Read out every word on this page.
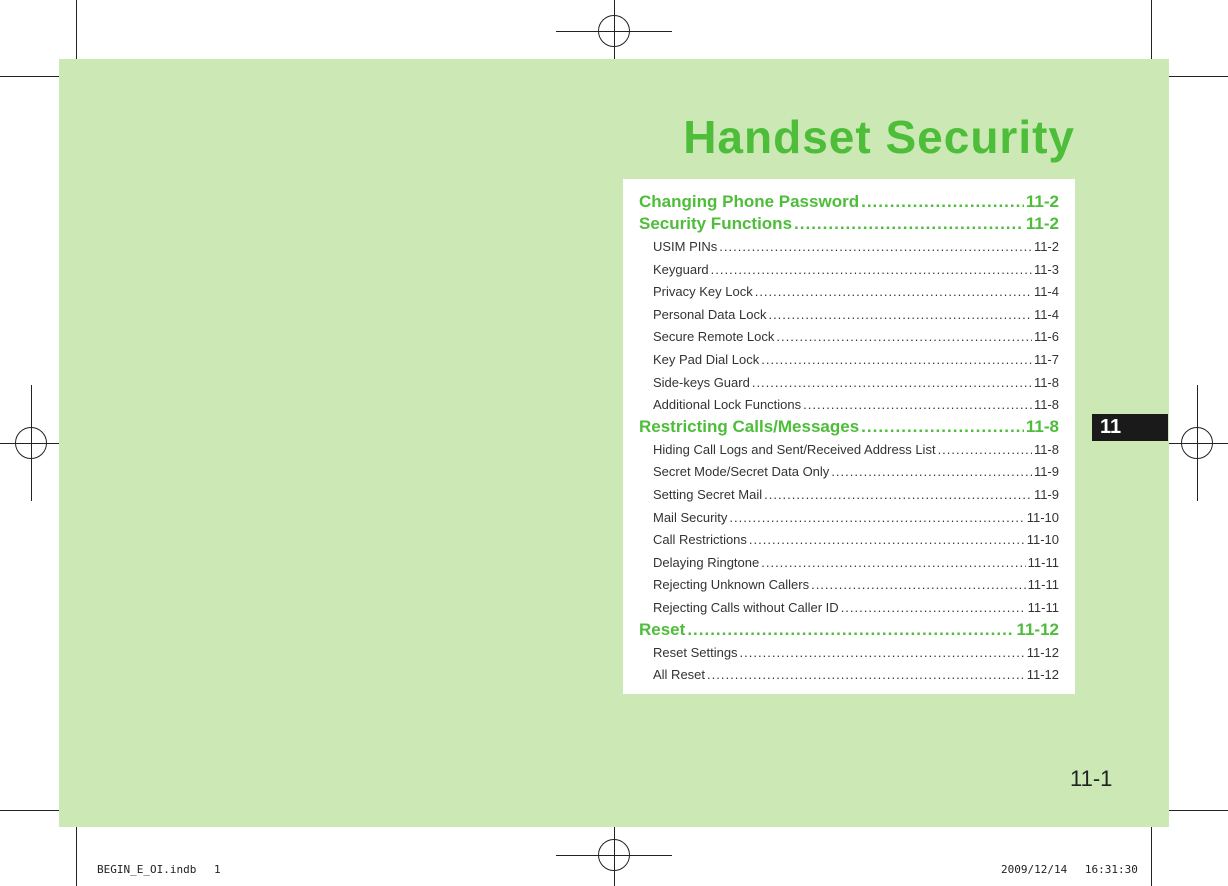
Handset Security
Changing Phone Password .....	11-2
Security Functions .....	11-2
USIM PINs .....	11-2
Keyguard .....	11-3
Privacy Key Lock .....	11-4
Personal Data Lock .....	11-4
Secure Remote Lock .....	11-6
Key Pad Dial Lock .....	11-7
Side-keys Guard .....	11-8
Additional Lock Functions .....	11-8
Restricting Calls/Messages .....	11-8
Hiding Call Logs and Sent/Received Address List .....	11-8
Secret Mode/Secret Data Only .....	11-9
Setting Secret Mail .....	11-9
Mail Security .....	11-10
Call Restrictions .....	11-10
Delaying Ringtone .....	11-11
Rejecting Unknown Callers .....	11-11
Rejecting Calls without Caller ID .....	11-11
Reset .....	11-12
Reset Settings .....	11-12
All Reset .....	11-12
11
11-1
BEGIN_E_OI.indb　 1	2009/12/14　 16:31:30
